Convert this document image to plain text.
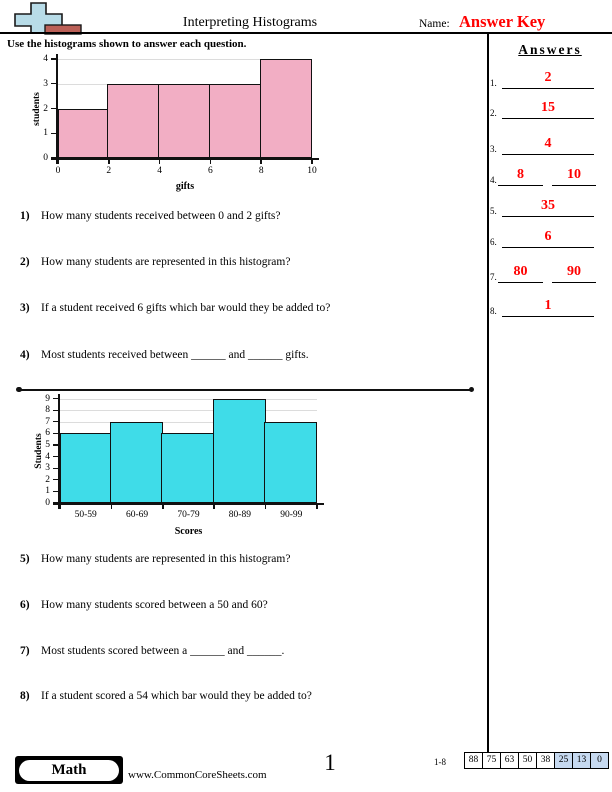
Interpreting Histograms	Name: Answer Key
Use the histograms shown to answer each question.
0
1
2
3
4
0	2	4	6	8	10
gifts
students
0
1
2
3
4
5
6
7
8
9
50-59	60-69	70-79	80-89	90-99
Scores
Students
1) How many students received between 0 and 2 gifts?
2) How many students are represented in this histogram?
3) If a student received 6 gifts which bar would they be added to?
4) Most students received between ______ and ______ gifts.
5) How many students are represented in this histogram?
6) How many students scored between a 50 and 60?
7) Most students scored between a ______ and ______.
8) If a student scored a 54 which bar would they be added to?
Answers
1.	2
2.	15
3.	4
4.	8	10
5.	35
6.	6
7.	80	90
8.	1
Math	www.CommonCoreSheets.com	1	1-8	88 75 63 50 38 25 13	0
